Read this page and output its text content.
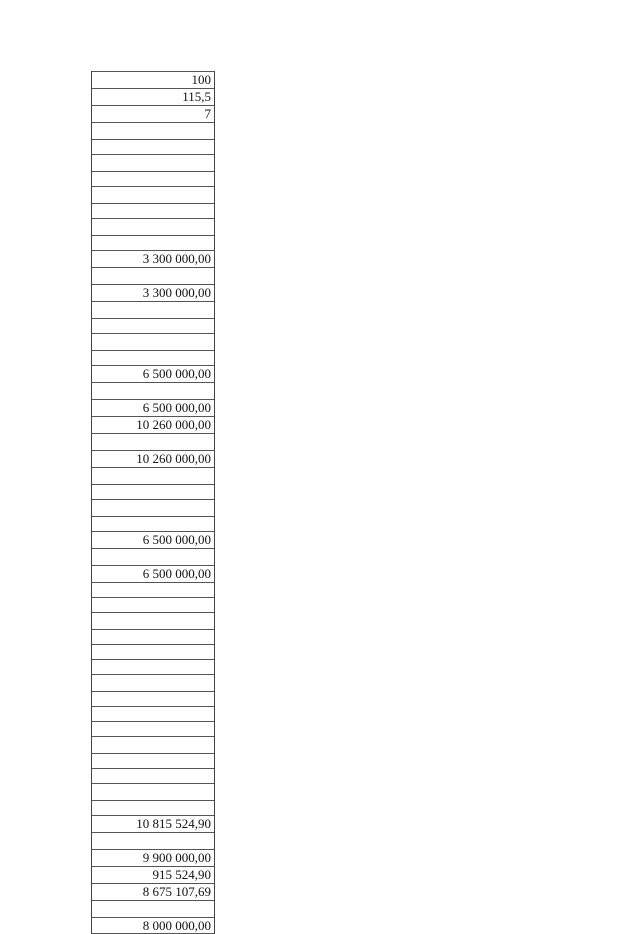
100
115,5
7
3 300 000,00
3 300 000,00
6 500 000,00
6 500 000,00
10 260 000,00
10 260 000,00
6 500 000,00
6 500 000,00
10 815 524,90
9 900 000,00
915 524,90
8 675 107,69
8 000 000,00
